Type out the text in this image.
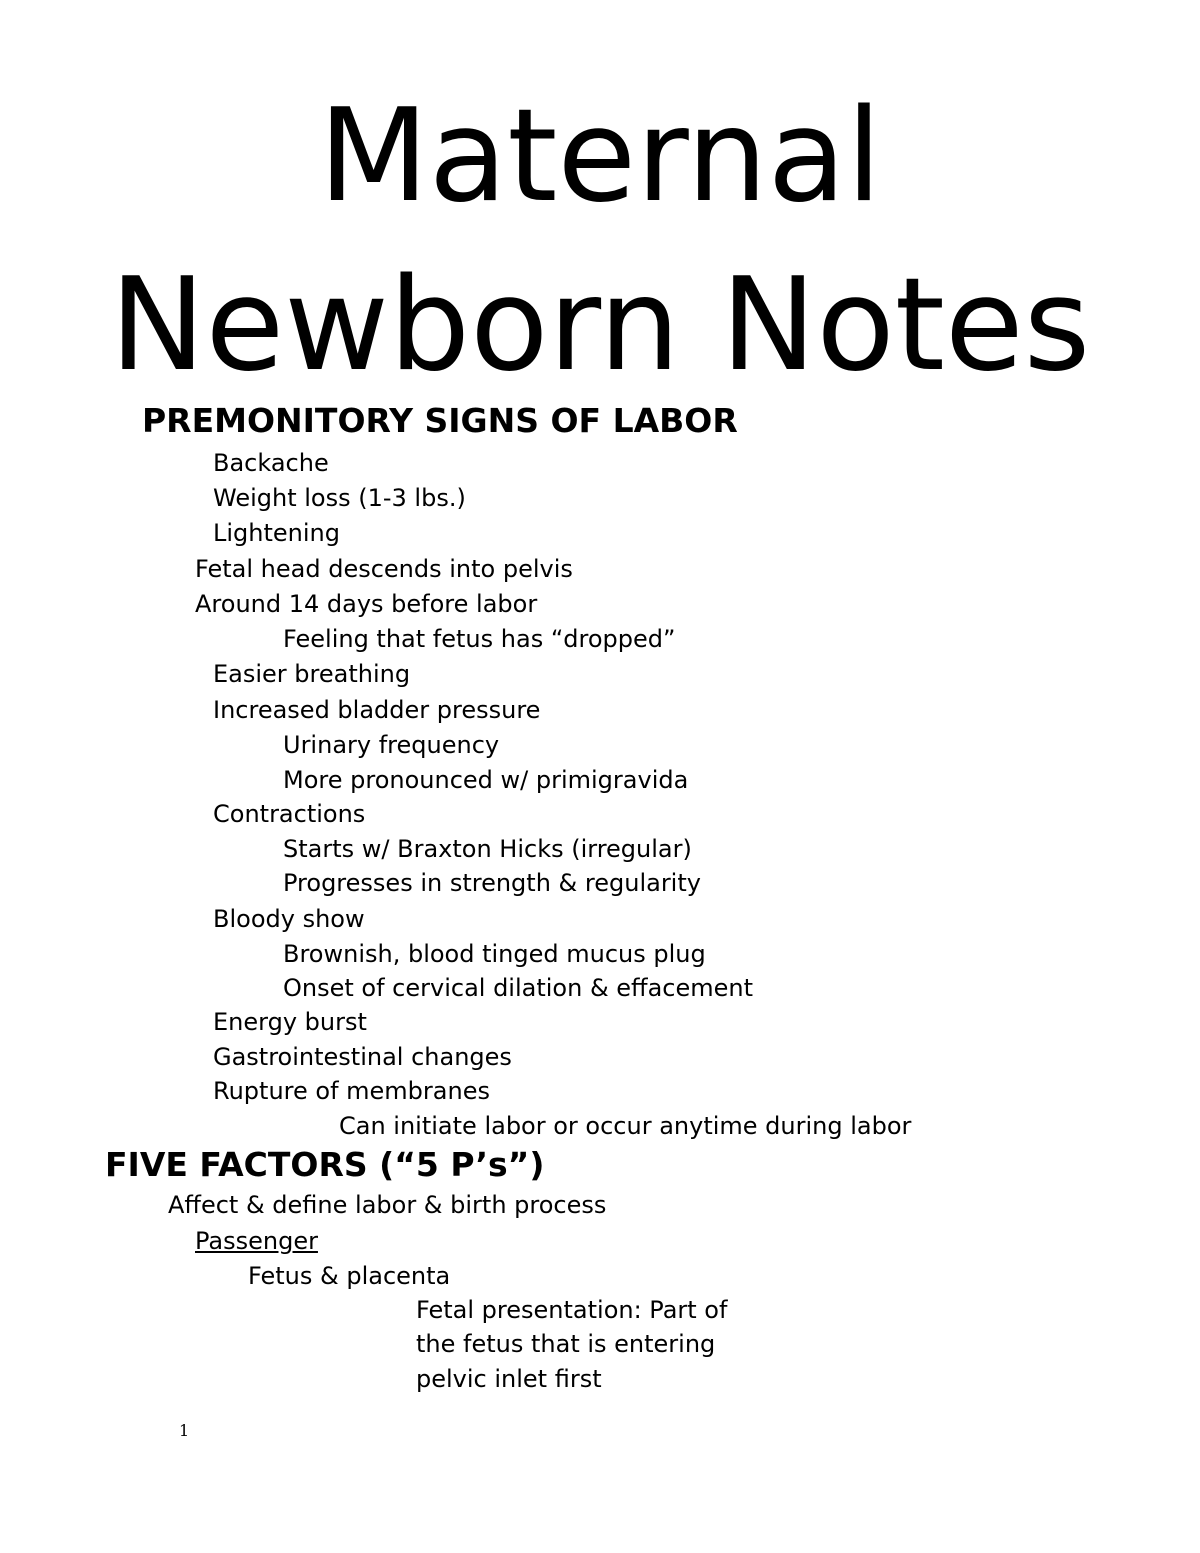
Maternal
Newborn Notes
PREMONITORY SIGNS OF LABOR
Backache
Weight loss (1-3 lbs.)
Lightening
Fetal head descends into pelvis
Around 14 days before labor
Feeling that fetus has “dropped”
Easier breathing
Increased bladder pressure
Urinary frequency
More pronounced w/ primigravida
Contractions
Starts w/ Braxton Hicks (irregular)
Progresses in strength & regularity
Bloody show
Brownish, blood tinged mucus plug
Onset of cervical dilation & effacement
Energy burst
Gastrointestinal changes
Rupture of membranes
Can initiate labor or occur anytime during labor
FIVE FACTORS (“5 P’s”)
Affect & define labor & birth process
Passenger
Fetus & placenta
Fetal presentation: Part of
the fetus that is entering
pelvic inlet first
1
